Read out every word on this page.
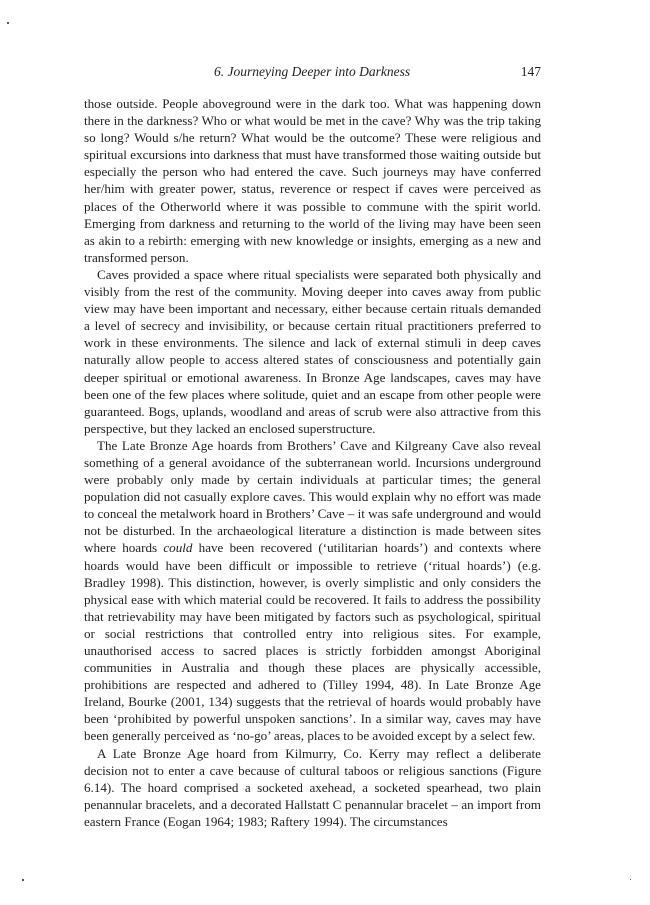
6. Journeying Deeper into Darkness	147

those outside. People aboveground were in the dark too. What was happening down there in the darkness? Who or what would be met in the cave? Why was the trip taking so long? Would s/he return? What would be the outcome? These were religious and spiritual excursions into darkness that must have transformed those waiting outside but especially the person who had entered the cave. Such journeys may have conferred her/him with greater power, status, reverence or respect if caves were perceived as places of the Otherworld where it was possible to commune with the spirit world. Emerging from darkness and returning to the world of the living may have been seen as akin to a rebirth: emerging with new knowledge or insights, emerging as a new and transformed person.

Caves provided a space where ritual specialists were separated both physically and visibly from the rest of the community. Moving deeper into caves away from public view may have been important and necessary, either because certain rituals demanded a level of secrecy and invisibility, or because certain ritual practitioners preferred to work in these environments. The silence and lack of external stimuli in deep caves naturally allow people to access altered states of consciousness and potentially gain deeper spiritual or emotional awareness. In Bronze Age landscapes, caves may have been one of the few places where solitude, quiet and an escape from other people were guaranteed. Bogs, uplands, woodland and areas of scrub were also attractive from this perspective, but they lacked an enclosed superstructure.

The Late Bronze Age hoards from Brothers’ Cave and Kilgreany Cave also reveal something of a general avoidance of the subterranean world. Incursions underground were probably only made by certain individuals at particular times; the general population did not casually explore caves. This would explain why no effort was made to conceal the metalwork hoard in Brothers’ Cave – it was safe underground and would not be disturbed. In the archaeological literature a distinction is made between sites where hoards could have been recovered (‘utilitarian hoards’) and contexts where hoards would have been difficult or impossible to retrieve (‘ritual hoards’) (e.g. Bradley 1998). This distinction, however, is overly simplistic and only considers the physical ease with which material could be recovered. It fails to address the possibility that retrievability may have been mitigated by factors such as psychological, spiritual or social restrictions that controlled entry into religious sites. For example, unauthorised access to sacred places is strictly forbidden amongst Aboriginal communities in Australia and though these places are physically accessible, prohibitions are respected and adhered to (Tilley 1994, 48). In Late Bronze Age Ireland, Bourke (2001, 134) suggests that the retrieval of hoards would probably have been ‘prohibited by powerful unspoken sanctions’. In a similar way, caves may have been generally perceived as ‘no-go’ areas, places to be avoided except by a select few.

A Late Bronze Age hoard from Kilmurry, Co. Kerry may reflect a deliberate decision not to enter a cave because of cultural taboos or religious sanctions (Figure 6.14). The hoard comprised a socketed axehead, a socketed spearhead, two plain penannular bracelets, and a decorated Hallstatt C penannular bracelet – an import from eastern France (Eogan 1964; 1983; Raftery 1994). The circumstances
